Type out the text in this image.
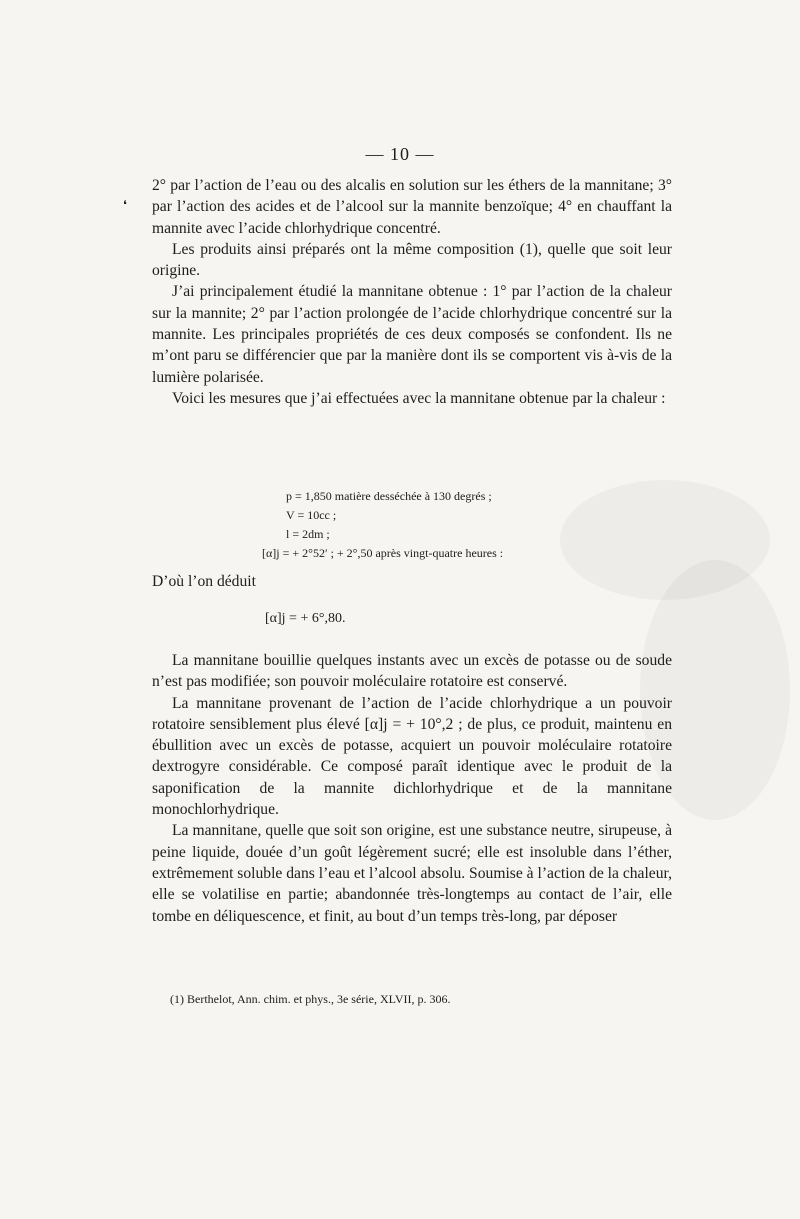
— 10 —
❛

2° par l’action de l’eau ou des alcalis en solution sur les éthers de la mannitane; 3° par l’action des acides et de l’alcool sur la mannite benzoïque; 4° en chauffant la mannite avec l’acide chlorhydrique concentré.

Les produits ainsi préparés ont la même composition (1), quelle que soit leur origine.

J’ai principalement étudié la mannitane obtenue : 1° par l’action de la chaleur sur la mannite; 2° par l’action prolongée de l’acide chlorhydrique concentré sur la mannite. Les principales propriétés de ces deux composés se confondent. Ils ne m’ont paru se différencier que par la manière dont ils se comportent vis à-vis de la lumière polarisée.

Voici les mesures que j’ai effectuées avec la mannitane obtenue par la chaleur :

p = 1,850 matière desséchée à 130 degrés ;
V = 10cc ;
l = 2dm ;
[α]j = + 2°52′ ; + 2°,50 après vingt-quatre heures :
D’où l’on déduit
[α]j = + 6°,80.

La mannitane bouillie quelques instants avec un excès de potasse ou de soude n’est pas modifiée; son pouvoir moléculaire rotatoire est conservé.

La mannitane provenant de l’action de l’acide chlorhydrique a un pouvoir rotatoire sensiblement plus élevé [α]j = + 10°,2 ; de plus, ce produit, maintenu en ébullition avec un excès de potasse, acquiert un pouvoir moléculaire rotatoire dextrogyre considérable. Ce composé paraît identique avec le produit de la saponification de la mannite dichlorhydrique et de la mannitane monochlorhydrique.

La mannitane, quelle que soit son origine, est une substance neutre, sirupeuse, à peine liquide, douée d’un goût légèrement sucré; elle est insoluble dans l’éther, extrêmement soluble dans l’eau et l’alcool absolu. Soumise à l’action de la chaleur, elle se volatilise en partie; abandonnée très-longtemps au contact de l’air, elle tombe en déliquescence, et finit, au bout d’un temps très-long, par déposer

(1) Berthelot, Ann. chim. et phys., 3e série, XLVII, p. 306.
